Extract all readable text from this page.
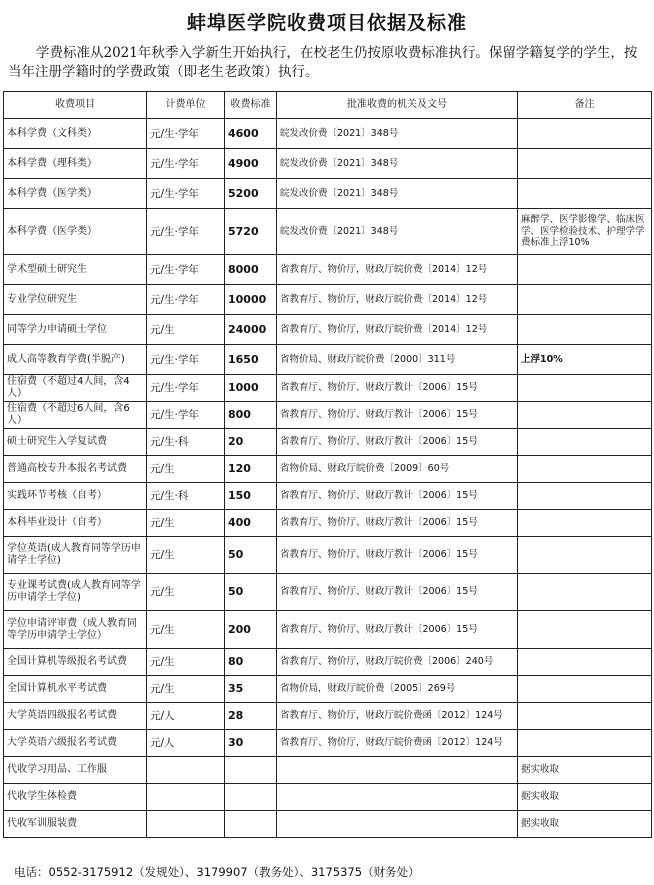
蚌埠医学院收费项目依据及标准
学费标准从2021年秋季入学新生开始执行，在校老生仍按原收费标准执行。保留学籍复学的学生，按当年注册学籍时的学费政策（即老生老政策）执行。
收费项目	计费单位	收费标准	批准收费的机关及文号	备注
本科学费（文科类）	元/生·学年	4600	皖发改价费〔2021〕348号	
本科学费（理科类）	元/生·学年	4900	皖发改价费〔2021〕348号	
本科学费（医学类）	元/生·学年	5200	皖发改价费〔2021〕348号	
本科学费（医学类）	元/生·学年	5720	皖发改价费〔2021〕348号	麻醉学、医学影像学、临床医学、医学检验技术、护理学学费标准上浮10%
学术型硕士研究生	元/生·学年	8000	省教育厅、物价厅，财政厅皖价费〔2014〕12号	
专业学位研究生	元/生·学年	10000	省教育厅、物价厅，财政厅皖价费〔2014〕12号	
同等学力申请硕士学位	元/生	24000	省教育厅、物价厅，财政厅皖价费〔2014〕12号	
成人高等教育学费(半脱产)	元/生·学年	1650	省物价局、财政厅皖价费〔2000〕311号	上浮10%
住宿费（不超过4人间，含4人）	元/生·学年	1000	省教育厅、物价厅、财政厅教计〔2006〕15号	
住宿费（不超过6人间，含6人）	元/生·学年	800	省教育厅、物价厅、财政厅教计〔2006〕15号	
硕士研究生入学复试费	元/生·科	20	省教育厅、物价厅、财政厅教计〔2006〕15号	
普通高校专升本报名考试费	元/生	120	省物价局、财政厅皖价费〔2009〕60号	
实践环节考核（自考）	元/生·科	150	省教育厅、物价厅、财政厅教计〔2006〕15号	
本科毕业设计（自考）	元/生	400	省教育厅、物价厅、财政厅教计〔2006〕15号	
学位英语(成人教育同等学历申请学士学位)	元/生	50	省教育厅、物价厅、财政厅教计〔2006〕15号	
专业课考试费(成人教育同等学历申请学士学位)	元/生	50	省教育厅、物价厅、财政厅教计〔2006〕15号	
学位申请评审费（成人教育同等学历申请学士学位）	元/生	200	省教育厅、物价厅、财政厅教计〔2006〕15号	
全国计算机等级报名考试费	元/生	80	省教育厅、物价厅，财政厅皖价费〔2006〕240号	
全国计算机水平考试费	元/生	35	省物价局，财政厅皖价费〔2005〕269号	
大学英语四级报名考试费	元/人	28	省教育厅、物价厅，财政厅皖价费函〔2012〕124号	
大学英语六级报名考试费	元/人	30	省教育厅、物价厅，财政厅皖价费函〔2012〕124号	
代收学习用品、工作服				据实收取
代收学生体检费				据实收取
代收军训服装费				据实收取
电话：0552-3175912（发规处）、3179907（教务处）、3175375（财务处）
